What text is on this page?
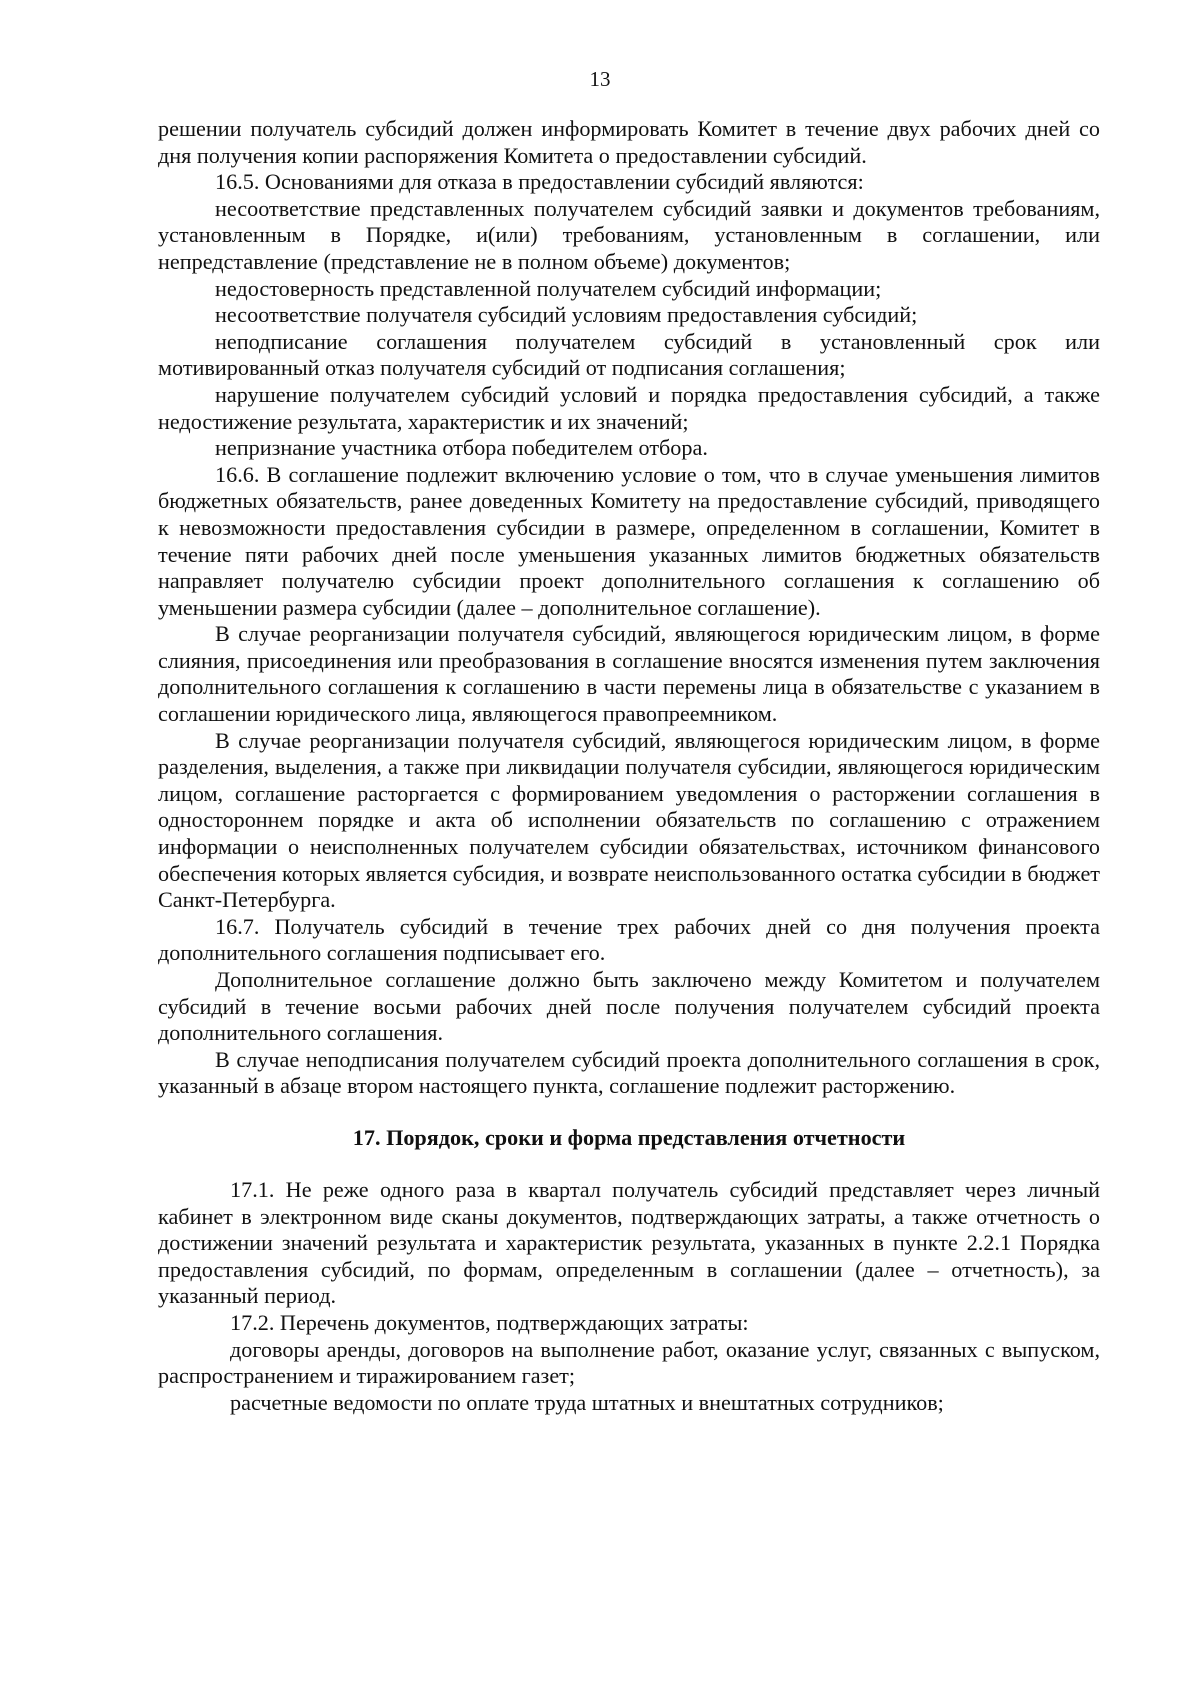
13

решении получатель субсидий должен информировать Комитет в течение двух рабочих дней со дня получения копии распоряжения Комитета о предоставлении субсидий.

16.5. Основаниями для отказа в предоставлении субсидий являются:

несоответствие представленных получателем субсидий заявки и документов требованиям, установленным в Порядке, и(или) требованиям, установленным в соглашении, или непредставление (представление не в полном объеме) документов;

недостоверность представленной получателем субсидий информации;

несоответствие получателя субсидий условиям предоставления субсидий;

неподписание соглашения получателем субсидий в установленный срок или мотивированный отказ получателя субсидий от подписания соглашения;

нарушение получателем субсидий условий и порядка предоставления субсидий, а также недостижение результата, характеристик и их значений;

непризнание участника отбора победителем отбора.

16.6. В соглашение подлежит включению условие о том, что в случае уменьшения лимитов бюджетных обязательств, ранее доведенных Комитету на предоставление субсидий, приводящего к невозможности предоставления субсидии в размере, определенном в соглашении, Комитет в течение пяти рабочих дней после уменьшения указанных лимитов бюджетных обязательств направляет получателю субсидии проект дополнительного соглашения к соглашению об уменьшении размера субсидии (далее – дополнительное соглашение).

В случае реорганизации получателя субсидий, являющегося юридическим лицом, в форме слияния, присоединения или преобразования в соглашение вносятся изменения путем заключения дополнительного соглашения к соглашению в части перемены лица в обязательстве с указанием в соглашении юридического лица, являющегося правопреемником.

В случае реорганизации получателя субсидий, являющегося юридическим лицом, в форме разделения, выделения, а также при ликвидации получателя субсидии, являющегося юридическим лицом, соглашение расторгается с формированием уведомления о расторжении соглашения в одностороннем порядке и акта об исполнении обязательств по соглашению с отражением информации о неисполненных получателем субсидии обязательствах, источником финансового обеспечения которых является субсидия, и возврате неиспользованного остатка субсидии в бюджет Санкт-Петербурга.

16.7. Получатель субсидий в течение трех рабочих дней со дня получения проекта дополнительного соглашения подписывает его.

Дополнительное соглашение должно быть заключено между Комитетом и получателем субсидий в течение восьми рабочих дней после получения получателем субсидий проекта дополнительного соглашения.

В случае неподписания получателем субсидий проекта дополнительного соглашения в срок, указанный в абзаце втором настоящего пункта, соглашение подлежит расторжению.

17. Порядок, сроки и форма представления отчетности

17.1. Не реже одного раза в квартал получатель субсидий представляет через личный кабинет в электронном виде сканы документов, подтверждающих затраты, а также отчетность о достижении значений результата и характеристик результата, указанных в пункте 2.2.1 Порядка предоставления субсидий, по формам, определенным в соглашении (далее – отчетность), за указанный период.

17.2. Перечень документов, подтверждающих затраты:

договоры аренды, договоров на выполнение работ, оказание услуг, связанных с выпуском, распространением и тиражированием газет;

расчетные ведомости по оплате труда штатных и внештатных сотрудников;
